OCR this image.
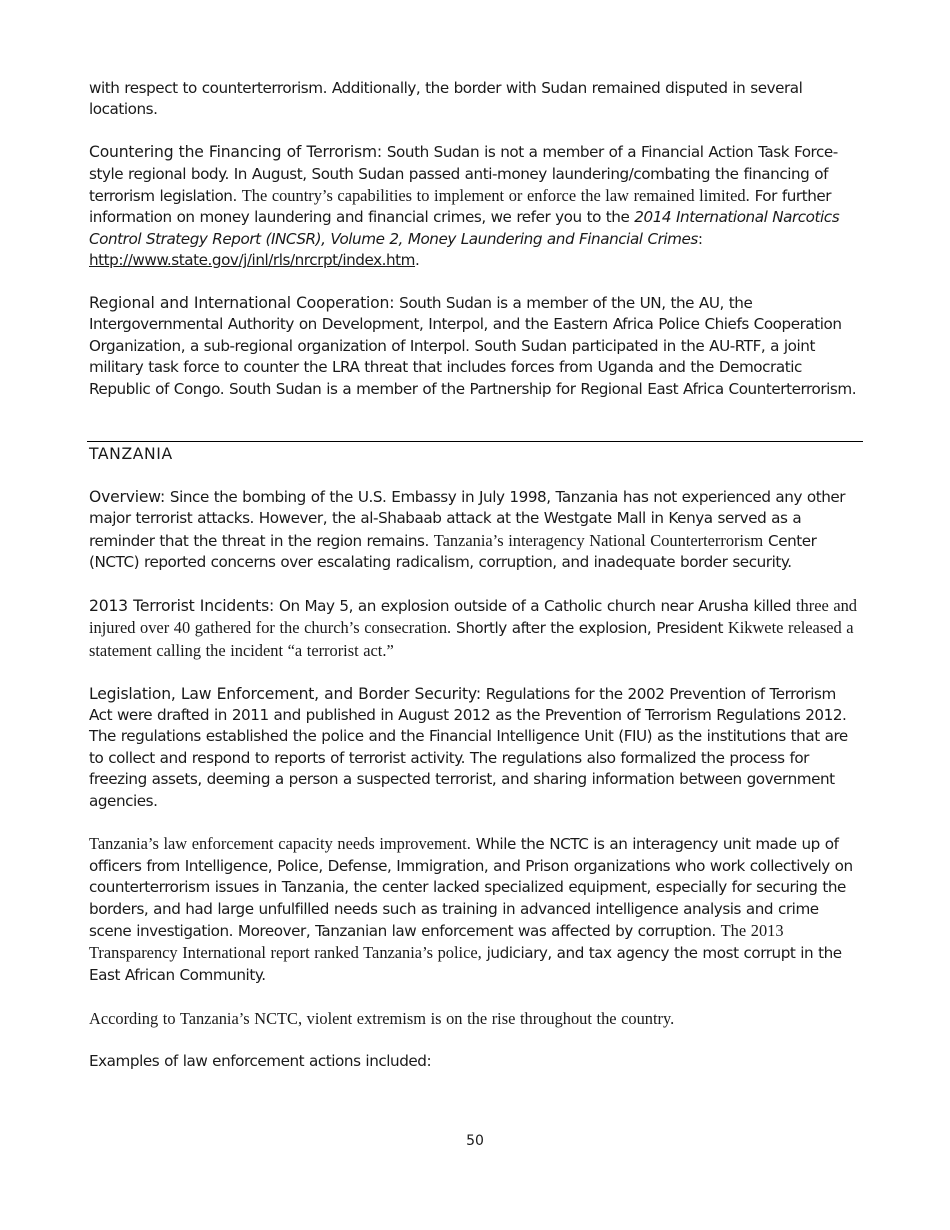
with respect to counterterrorism. Additionally, the border with Sudan remained disputed in several locations.

Countering the Financing of Terrorism: South Sudan is not a member of a Financial Action Task Force-style regional body. In August, South Sudan passed anti-money laundering/combating the financing of terrorism legislation. The country’s capabilities to implement or enforce the law remained limited. For further information on money laundering and financial crimes, we refer you to the 2014 International Narcotics Control Strategy Report (INCSR), Volume 2, Money Laundering and Financial Crimes: http://www.state.gov/j/inl/rls/nrcrpt/index.htm.

Regional and International Cooperation: South Sudan is a member of the UN, the AU, the Intergovernmental Authority on Development, Interpol, and the Eastern Africa Police Chiefs Cooperation Organization, a sub-regional organization of Interpol. South Sudan participated in the AU-RTF, a joint military task force to counter the LRA threat that includes forces from Uganda and the Democratic Republic of Congo. South Sudan is a member of the Partnership for Regional East Africa Counterterrorism.

TANZANIA

Overview: Since the bombing of the U.S. Embassy in July 1998, Tanzania has not experienced any other major terrorist attacks. However, the al-Shabaab attack at the Westgate Mall in Kenya served as a reminder that the threat in the region remains. Tanzania’s interagency National Counterterrorism Center (NCTC) reported concerns over escalating radicalism, corruption, and inadequate border security.

2013 Terrorist Incidents: On May 5, an explosion outside of a Catholic church near Arusha killed three and injured over 40 gathered for the church’s consecration. Shortly after the explosion, President Kikwete released a statement calling the incident “a terrorist act.”

Legislation, Law Enforcement, and Border Security: Regulations for the 2002 Prevention of Terrorism Act were drafted in 2011 and published in August 2012 as the Prevention of Terrorism Regulations 2012. The regulations established the police and the Financial Intelligence Unit (FIU) as the institutions that are to collect and respond to reports of terrorist activity. The regulations also formalized the process for freezing assets, deeming a person a suspected terrorist, and sharing information between government agencies.

Tanzania’s law enforcement capacity needs improvement. While the NCTC is an interagency unit made up of officers from Intelligence, Police, Defense, Immigration, and Prison organizations who work collectively on counterterrorism issues in Tanzania, the center lacked specialized equipment, especially for securing the borders, and had large unfulfilled needs such as training in advanced intelligence analysis and crime scene investigation. Moreover, Tanzanian law enforcement was affected by corruption. The 2013 Transparency International report ranked Tanzania’s police, judiciary, and tax agency the most corrupt in the East African Community.

According to Tanzania’s NCTC, violent extremism is on the rise throughout the country.

Examples of law enforcement actions included:

50
